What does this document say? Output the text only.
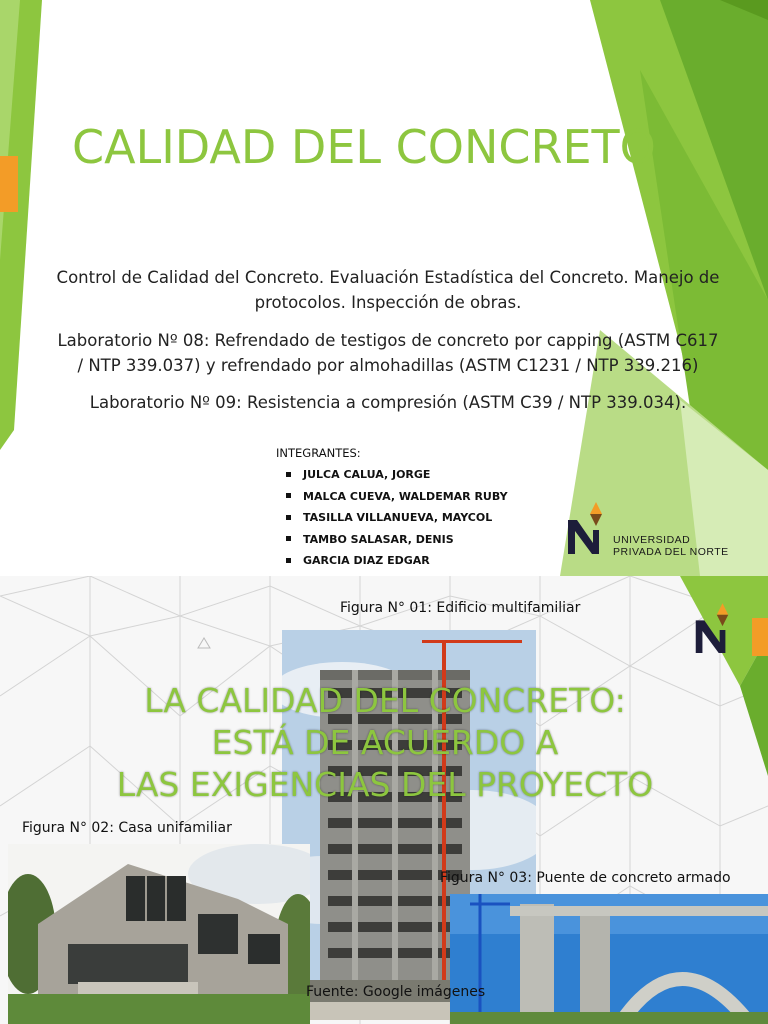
CALIDAD DEL CONCRETO

Control de Calidad del Concreto. Evaluación Estadística del Concreto. Manejo de

protocolos. Inspección de obras.

Laboratorio Nº 08: Refrendado de testigos de concreto por capping (ASTM C617

/ NTP 339.037) y refrendado por almohadillas (ASTM C1231 / NTP 339.216)

Laboratorio Nº 09: Resistencia a compresión (ASTM C39 / NTP 339.034).

INTEGRANTES:
JULCA CALUA, JORGE
MALCA CUEVA, WALDEMAR RUBY
TASILLA VILLANUEVA, MAYCOL
TAMBO SALASAR, DENIS
GARCIA DIAZ EDGAR
UNIVERSIDAD
PRIVADA DEL NORTE
Figura N° 01: Edificio multifamiliar
LA CALIDAD DEL CONCRETO:
ESTÁ DE ACUERDO A
LAS EXIGENCIAS DEL PROYECTO
Figura N° 02: Casa unifamiliar
Figura N° 03: Puente de concreto armado
Fuente: Google imágenes
